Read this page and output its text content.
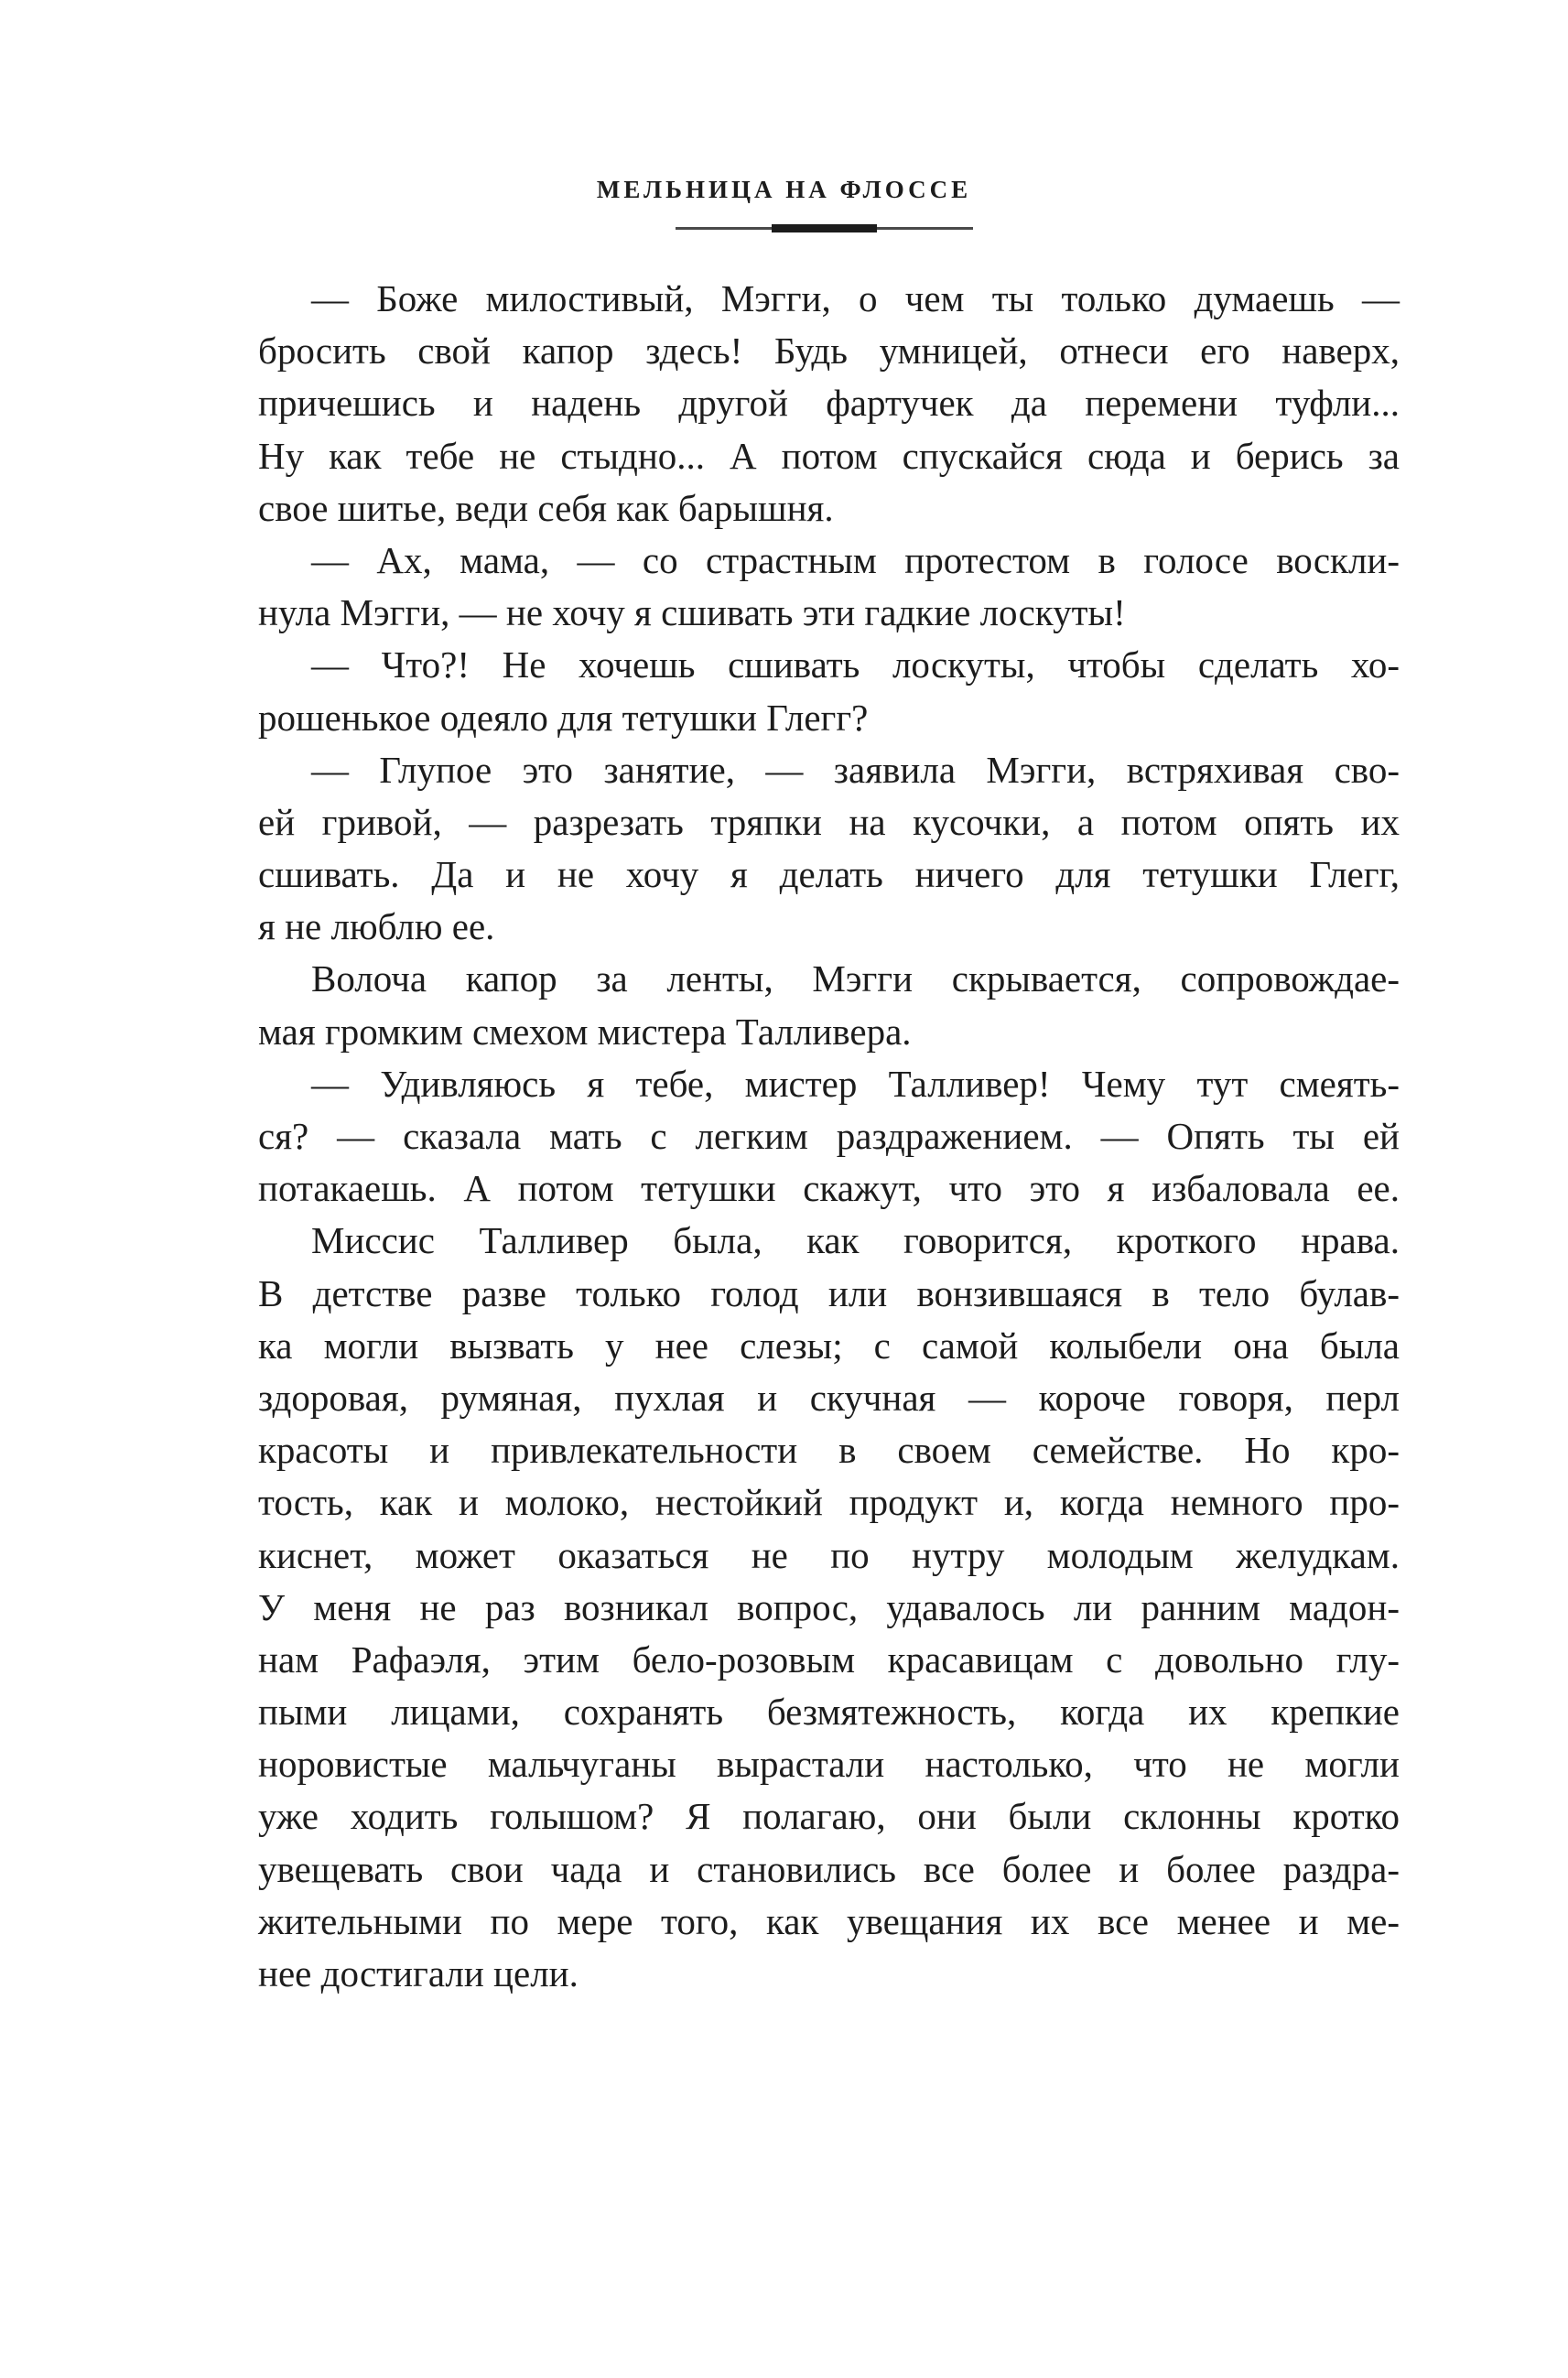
МЕЛЬНИЦА НА ФЛОССЕ
— Боже милостивый, Мэгги, о чем ты только думаешь —
бросить свой капор здесь! Будь умницей, отнеси его наверх,
причешись и надень другой фартучек да перемени туфли...
Ну как тебе не стыдно... А потом спускайся сюда и берись за
свое шитье, веди себя как барышня.
— Ах, мама, — со страстным протестом в голосе воскли-
нула Мэгги, — не хочу я сшивать эти гадкие лоскуты!
— Что?! Не хочешь сшивать лоскуты, чтобы сделать хо-
рошенькое одеяло для тетушки Глегг?
— Глупое это занятие, — заявила Мэгги, встряхивая сво-
ей гривой, — разрезать тряпки на кусочки, а потом опять их
сшивать. Да и не хочу я делать ничего для тетушки Глегг,
я не люблю ее.
Волоча капор за ленты, Мэгги скрывается, сопровождае-
мая громким смехом мистера Талливера.
— Удивляюсь я тебе, мистер Талливер! Чему тут смеять-
ся? — сказала мать с легким раздражением. — Опять ты ей
потакаешь. А потом тетушки скажут, что это я избаловала ее.
Миссис Талливер была, как говорится, кроткого нрава.
В детстве разве только голод или вонзившаяся в тело булав-
ка могли вызвать у нее слезы; с самой колыбели она была
здоровая, румяная, пухлая и скучная — короче говоря, перл
красоты и привлекательности в своем семействе. Но кро-
тость, как и молоко, нестойкий продукт и, когда немного про-
киснет, может оказаться не по нутру молодым желудкам.
У меня не раз возникал вопрос, удавалось ли ранним мадон-
нам Рафаэля, этим бело-розовым красавицам с довольно глу-
пыми лицами, сохранять безмятежность, когда их крепкие
норовистые мальчуганы вырастали настолько, что не могли
уже ходить голышом? Я полагаю, они были склонны кротко
увещевать свои чада и становились все более и более раздра-
жительными по мере того, как увещания их все менее и ме-
нее достигали цели.
